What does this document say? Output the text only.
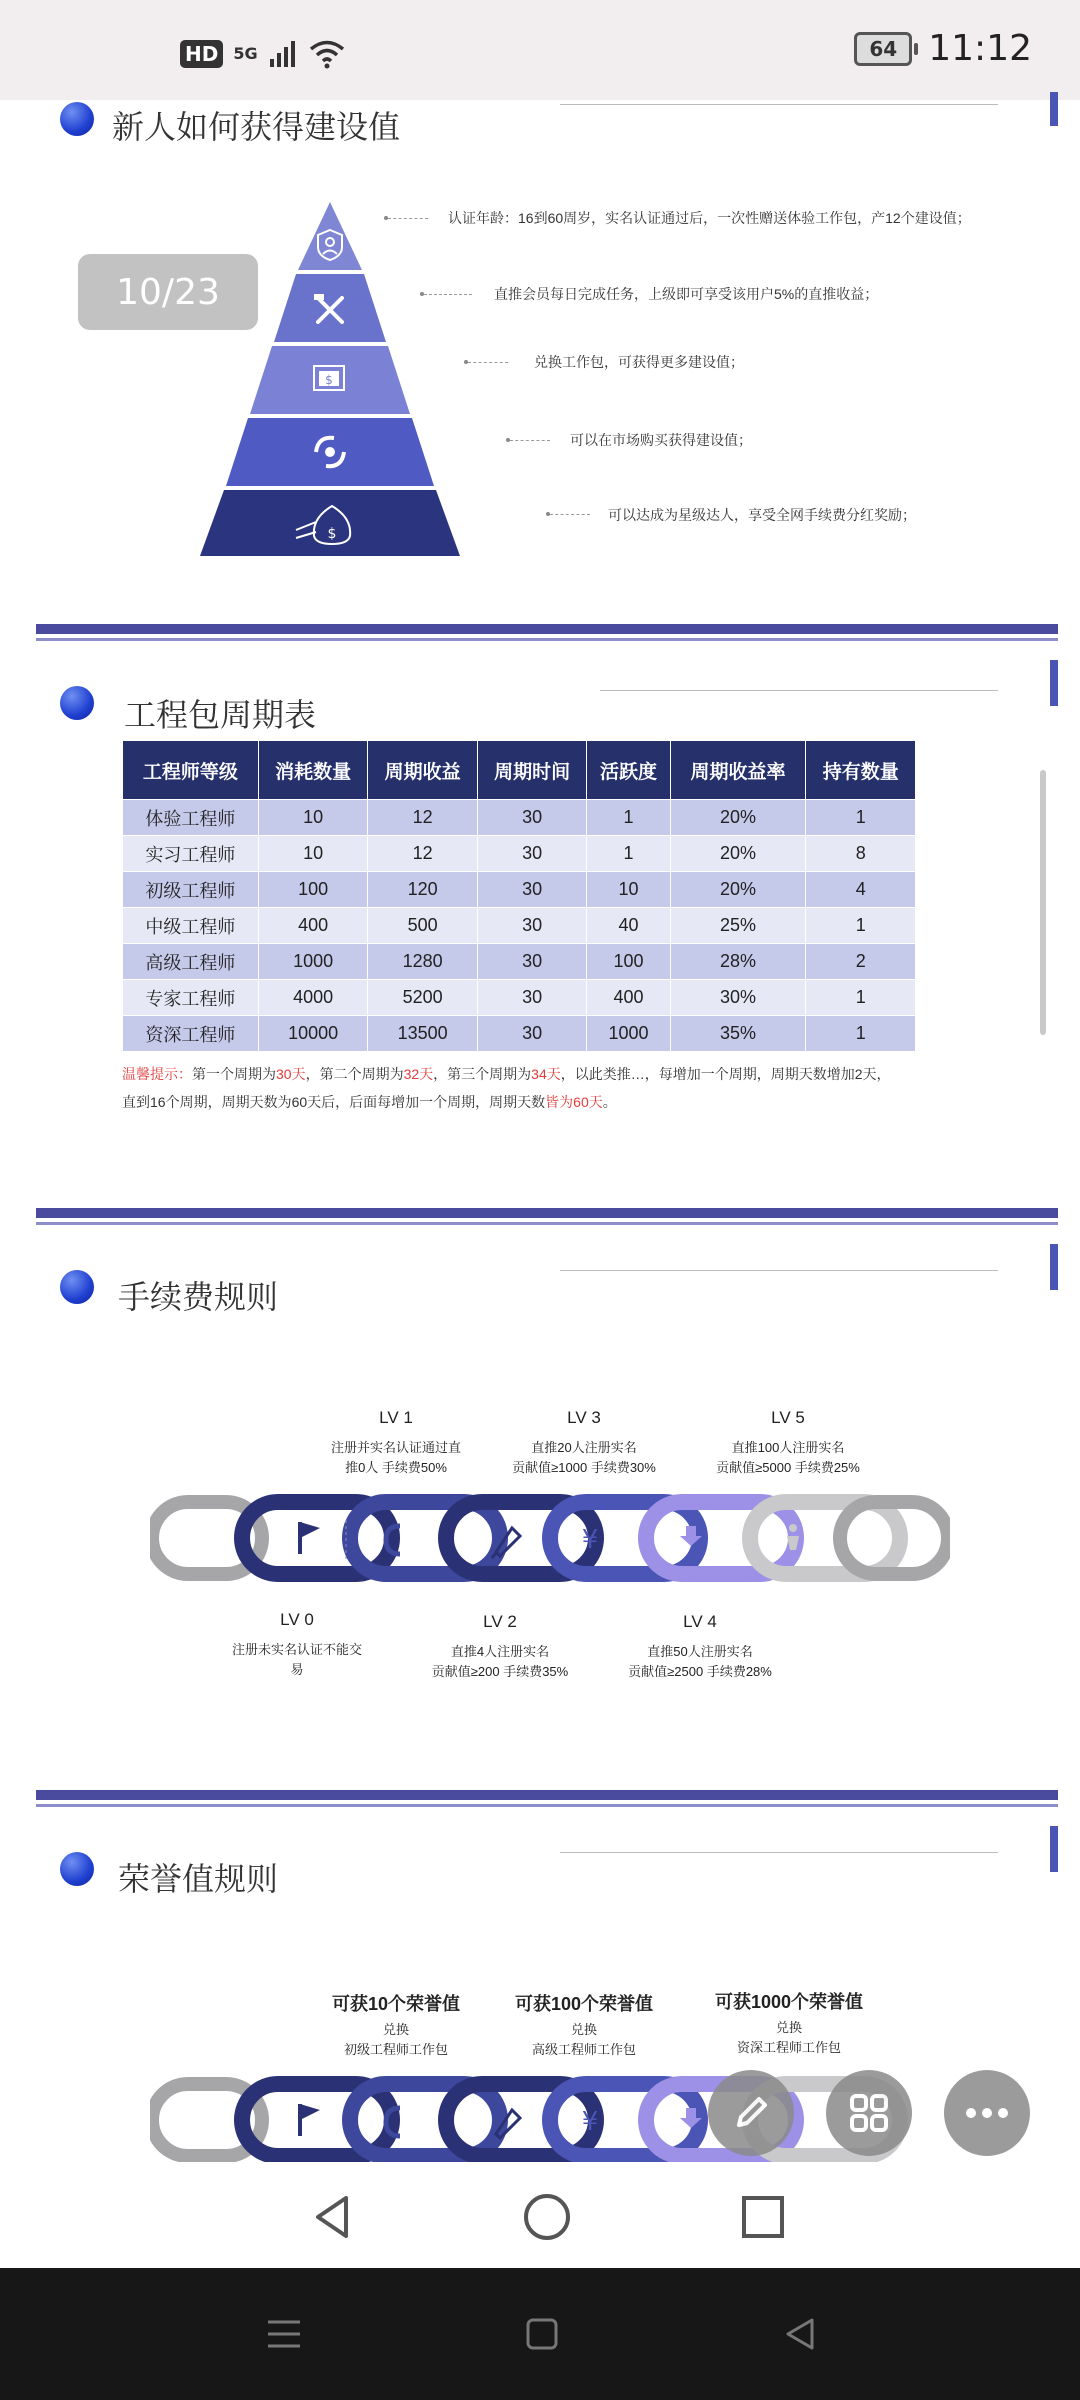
HD 5G	64 11:12
新人如何获得建设值
$
$
10/23
认证年龄：16到60周岁，实名认证通过后，一次性赠送体验工作包，产12个建设值；
直推会员每日完成任务，上级即可享受该用户5%的直推收益；
兑换工作包，可获得更多建设值；
可以在市场购买获得建设值；
可以达成为星级达人，享受全网手续费分红奖励；
工程包周期表
工程师等级	消耗数量	周期收益	周期时间	活跃度	周期收益率	持有数量
体验工程师	10	12	30	1	20%	1
实习工程师	10	12	30	1	20%	8
初级工程师	100	120	30	10	20%	4
中级工程师	400	500	30	40	25%	1
高级工程师	1000	1280	30	100	28%	2
专家工程师	4000	5200	30	400	30%	1
资深工程师	10000	13500	30	1000	35%	1
温馨提示：第一个周期为30天，第二个周期为32天，第三个周期为34天，以此类推…，每增加一个周期，周期天数增加2天，
直到16个周期，周期天数为60天后，后面每增加一个周期，周期天数皆为60天。
手续费规则
LV 1
注册并实名认证通过直
推0人 手续费50%
LV 3
直推20人注册实名
贡献值≥1000 手续费30%
LV 5
直推100人注册实名
贡献值≥5000 手续费25%
¥
LV 0
注册未实名认证不能交
易
LV 2
直推4人注册实名
贡献值≥200 手续费35%
LV 4
直推50人注册实名
贡献值≥2500 手续费28%
荣誉值规则
可获10个荣誉值
兑换
初级工程师工作包
可获100个荣誉值
兑换
高级工程师工作包
可获1000个荣誉值
兑换
资深工程师工作包
¥
